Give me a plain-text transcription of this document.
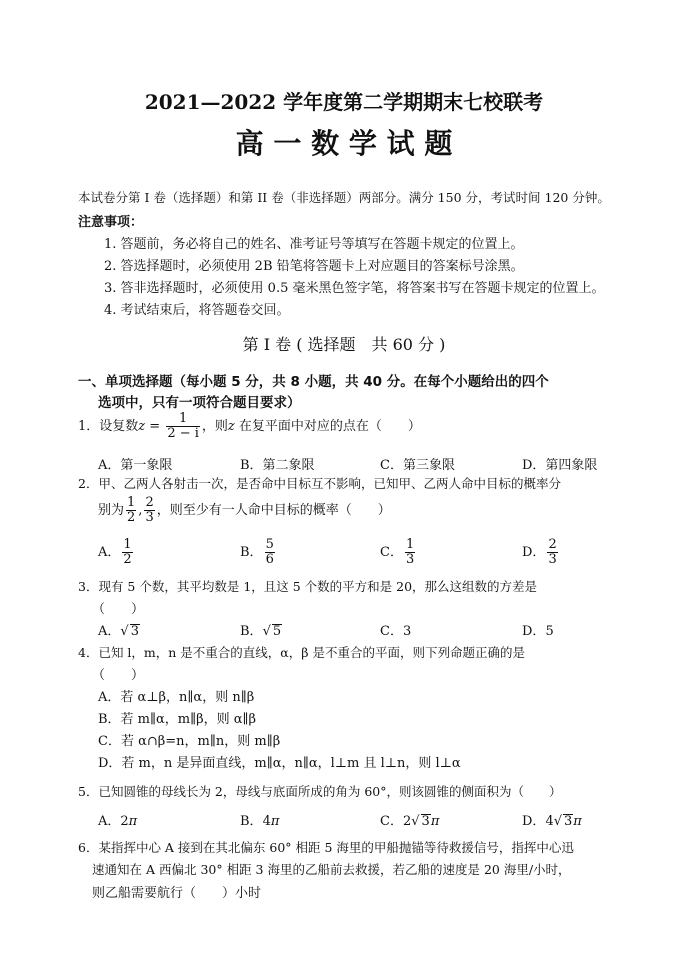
2021—2022 学年度第二学期期末七校联考
高 一 数 学 试 题
本试卷分第 I 卷（选择题）和第 II 卷（非选择题）两部分。满分 150 分，考试时间 120 分钟。
注意事项：
1. 答题前，务必将自己的姓名、准考证号等填写在答题卡规定的位置上。
2. 答选择题时，必须使用 2B 铅笔将答题卡上对应题目的答案标号涂黑。
3. 答非选择题时，必须使用 0.5 毫米黑色签字笔，将答案书写在答题卡规定的位置上。
4. 考试结束后，将答题卷交回。
第 I 卷 ( 选择题　共 60 分 )
一、单项选择题（每小题 5 分，共 8 小题，共 40 分。在每个小题给出的四个
选项中，只有一项符合题目要求）
1．设复数$z = \frac{1}{2 - i}$ ，则z 在复平面中对应的点在（　　）
A．第一象限	B．第二象限	C．第三象限	D．第四象限
2．甲、乙两人各射击一次，是否命中目标互不影响，已知甲、乙两人命中目标的概率分
别为 $\frac{1}{2}$ , $\frac{2}{3}$ ，则至少有一人命中目标的概率（　　）
A． $\frac{1}{2}$	B． $\frac{5}{6}$	C． $\frac{1}{3}$	D． $\frac{2}{3}$
3．现有 5 个数，其平均数是 1，且这 5 个数的平方和是 20，那么这组数的方差是
（　　）
A．√ 3	B．√ 5	C．3	D．5
4．已知 l，m，n 是不重合的直线，α，β 是不重合的平面，则下列命题正确的是
（　　）
A．若 α⊥β，n∥α，则 n∥β
B．若 m∥α，m∥β，则 α∥β
C．若 α∩β=n，m∥n，则 m∥β
D．若 m，n 是异面直线，m∥α，n∥α，l⊥m 且 l⊥n，则 l⊥α
5．已知圆锥的母线长为 2，母线与底面所成的角为 60°，则该圆锥的侧面积为（　　）
A．2π	B．4π	C．2√ 3π	D．4√ 3π
6．某指挥中心 A 接到在其北偏东 60° 相距 5 海里的甲船抛锚等待救援信号，指挥中心迅
速通知在 A 西偏北 30° 相距 3 海里的乙船前去救援，若乙船的速度是 20 海里/小时，
则乙船需要航行（　　）小时
